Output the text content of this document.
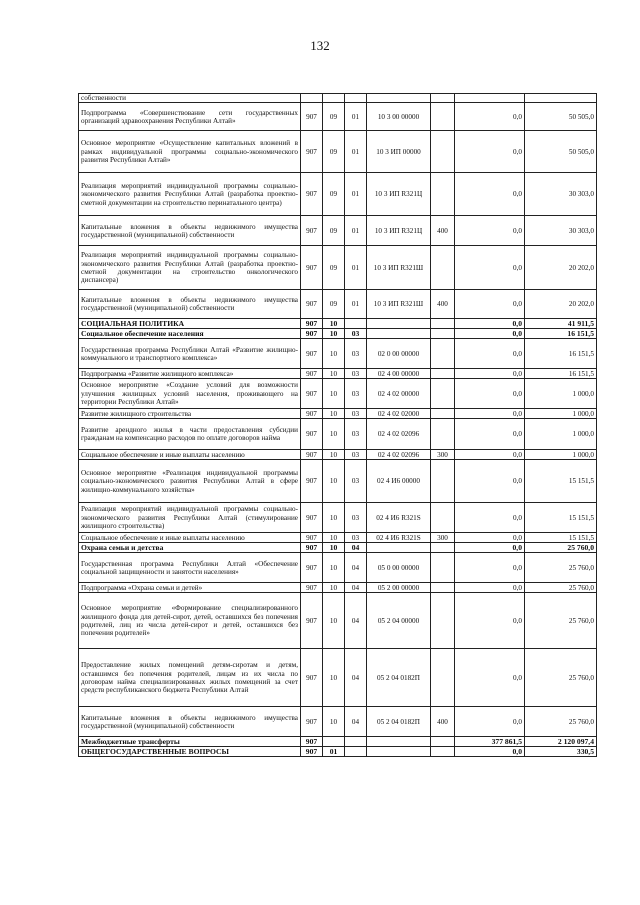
132
собственности							
Подпрограмма «Совершенствование сети государственных организаций здравоохранения Республики Алтай»	907	09	01	10 3 00 00000		0,0	50 505,0
Основное мероприятие «Осуществление капитальных вложений в рамках индивидуальной программы социально-экономического развития Республики Алтай»	907	09	01	10 3 ИП 00000		0,0	50 505,0
Реализация мероприятий индивидуальной программы социально-экономического развития Республики Алтай (разработка проектно-сметной документации на строительство перинатального центра)	907	09	01	10 3 ИП R321Ц		0,0	30 303,0
Капитальные вложения в объекты недвижимого имущества государственной (муниципальной) собственности	907	09	01	10 3 ИП R321Ц	400	0,0	30 303,0
Реализация мероприятий индивидуальной программы социально-экономического развития Республики Алтай (разработка проектно-сметной документации на строительство онкологического диспансера)	907	09	01	10 3 ИП R321Ш		0,0	20 202,0
Капитальные вложения в объекты недвижимого имущества государственной (муниципальной) собственности	907	09	01	10 3 ИП R321Ш	400	0,0	20 202,0
СОЦИАЛЬНАЯ ПОЛИТИКА	907	10				0,0	41 911,5
Социальное обеспечение населения	907	10	03			0,0	16 151,5
Государственная программа Республики Алтай «Развитие жилищно-коммунального и транспортного комплекса»	907	10	03	02 0 00 00000		0,0	16 151,5
Подпрограмма «Развитие жилищного комплекса»	907	10	03	02 4 00 00000		0,0	16 151,5
Основное мероприятие «Создание условий для возможности улучшения жилищных условий населения, проживающего на территории Республики Алтай»	907	10	03	02 4 02 00000		0,0	1 000,0
Развитие жилищного строительства	907	10	03	02 4 02 02000		0,0	1 000,0
Развитие арендного жилья в части предоставления субсидии гражданам на компенсацию расходов по оплате договоров найма	907	10	03	02 4 02 02096		0,0	1 000,0
Социальное обеспечение и иные выплаты населению	907	10	03	02 4 02 02096	300	0,0	1 000,0
Основное мероприятие «Реализация индивидуальной программы социально-экономического развития Республики Алтай в сфере жилищно-коммунального хозяйства»	907	10	03	02 4 И6 00000		0,0	15 151,5
Реализация мероприятий индивидуальной программы социально-экономического развития Республики Алтай (стимулирование жилищного строительства)	907	10	03	02 4 И6 R321S		0,0	15 151,5
Социальное обеспечение и иные выплаты населению	907	10	03	02 4 И6 R321S	300	0,0	15 151,5
Охрана семьи и детства	907	10	04			0,0	25 760,0
Государственная программа Республики Алтай «Обеспечение социальной защищенности и занятости населения»	907	10	04	05 0 00 00000		0,0	25 760,0
Подпрограмма «Охрана семьи и детей»	907	10	04	05 2 00 00000		0,0	25 760,0
Основное мероприятие «Формирование специализированного жилищного фонда для детей-сирот, детей, оставшихся без попечения родителей, лиц из числа детей-сирот и детей, оставшихся без попечения родителей»	907	10	04	05 2 04 00000		0,0	25 760,0
Предоставление жилых помещений детям-сиротам и детям, оставшимся без попечения родителей, лицам из их числа по договорам найма специализированных жилых помещений за счет средств республиканского бюджета Республики Алтай	907	10	04	05 2 04 0182П		0,0	25 760,0
Капитальные вложения в объекты недвижимого имущества государственной (муниципальной) собственности	907	10	04	05 2 04 0182П	400	0,0	25 760,0
Межбюджетные трансферты	907					377 861,5	2 120 097,4
ОБЩЕГОСУДАРСТВЕННЫЕ ВОПРОСЫ	907	01				0,0	330,5
